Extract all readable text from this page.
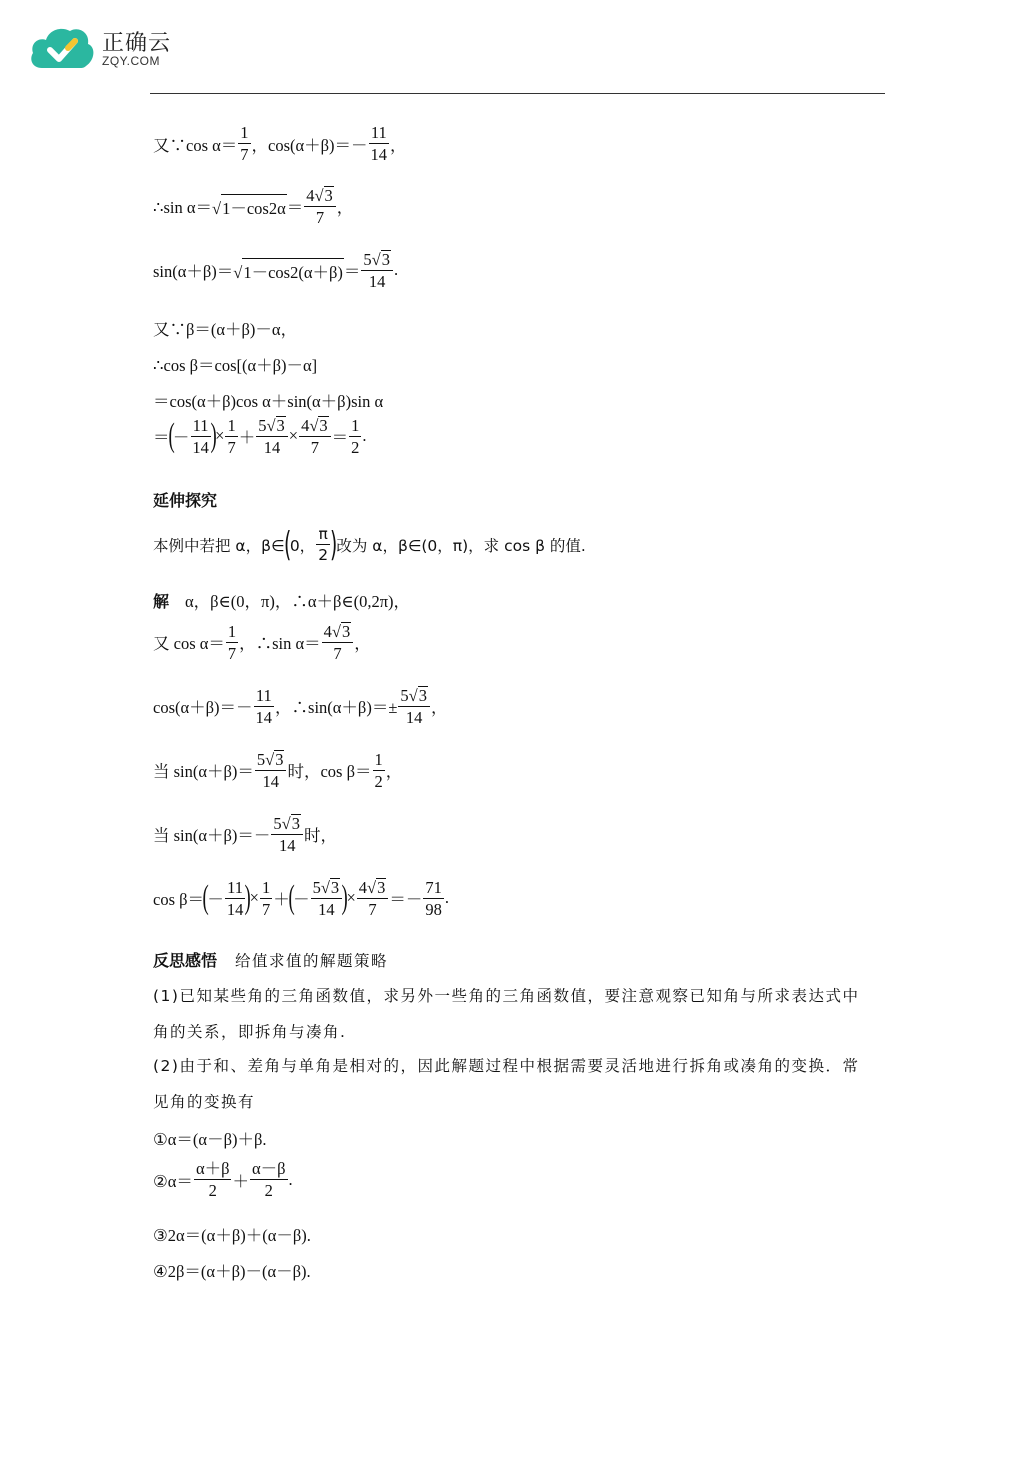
正确云
ZQY.COM
又∵cos $\alpha= \frac{1}{7}$ ，$\cos(\alpha+\beta)=- \frac{11}{14}$ ，
∴sin α＝ √ $1-\cos 2\alpha = \frac{4√ 3}{7}$ ，
sin(α＋β)＝ √ $1-\cos 2(\alpha+\beta) = \frac{5√ 3}{14}$ .
又∵β＝(α＋β)－α，
∴cos β＝cos[(α＋β)－α]
＝cos(α＋β)cos α＋sin(α＋β)sin α
＝
(
－ $\frac{11}{14}$ )
× $\frac{1}{7} + \frac{5√ 3}{14} \times \frac{4√ 3}{7} = \frac{1}{2}$ .
延伸探究
本例中若把 α，β∈
(
0， $\frac{\pi}{2}$ )
改为 α，β∈(0，π)，求 cos β 的值.
解 α，β∈(0，π)，∴α＋β∈(0,2π)，
又 $\cos \alpha= \frac{1}{7}$ ，∴sin $\alpha= \frac{4√ 3}{7}$ ，
$\cos(\alpha+\beta)=- \frac{11}{14}$ ，∴sin(α＋β)＝± $\frac{5√ 3}{14}$ ，
当 $\sin(\alpha+\beta)= \frac{5√ 3}{14}$ 时，$\cos \beta= \frac{1}{2}$ ，
当 $\sin(\alpha+\beta)=- \frac{5√ 3}{14}$ 时，
cos β＝
(
－ $\frac{11}{14}$ )
× $\frac{1}{7}$ ＋
(
－ $\frac{5√ 3}{14}$ )
× $\frac{4√ 3}{7} =- \frac{71}{98}$ .
反思感悟 给值求值的解题策略
(1)已知某些角的三角函数值，求另外一些角的三角函数值，要注意观察已知角与所求表达式中角的关系，即拆角与凑角.
(2)由于和、差角与单角是相对的，因此解题过程中根据需要灵活地进行拆角或凑角的变换．常见角的变换有
①α＝(α－β)＋β.
②α＝ $\frac{\alpha+\beta}{2} + \frac{\alpha-\beta}{2}$ .
③2α＝(α＋β)＋(α－β).
④2β＝(α＋β)－(α－β).
